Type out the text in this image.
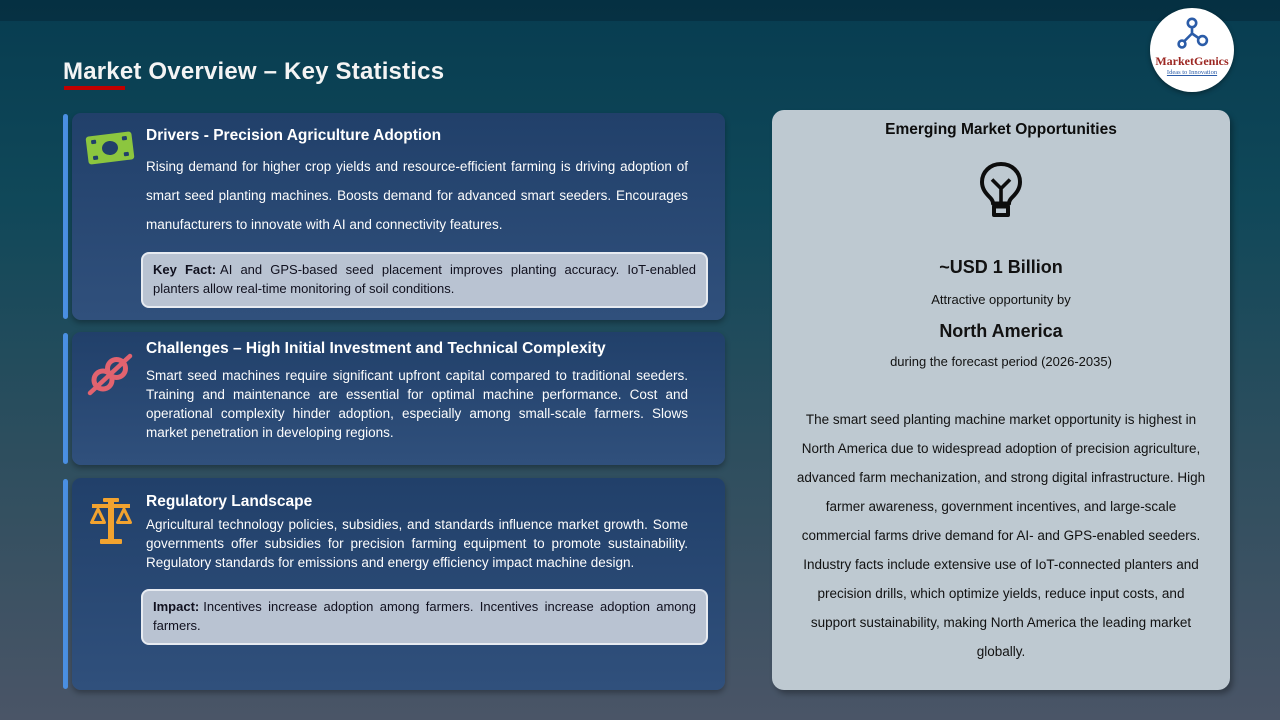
Market Overview – Key Statistics	MarketGenics
Ideas to Innovation
Drivers - Precision Agriculture Adoption
Rising demand for higher crop yields and resource-efficient farming is driving adoption of smart seed planting machines. Boosts demand for advanced smart seeders. Encourages manufacturers to innovate with AI and connectivity features.
Key Fact: AI and GPS-based seed placement improves planting accuracy. IoT-enabled planters allow real-time monitoring of soil conditions.
Challenges – High Initial Investment and Technical Complexity
Smart seed machines require significant upfront capital compared to traditional seeders. Training and maintenance are essential for optimal machine performance. Cost and operational complexity hinder adoption, especially among small-scale farmers. Slows market penetration in developing regions.
Regulatory Landscape
Agricultural technology policies, subsidies, and standards influence market growth. Some governments offer subsidies for precision farming equipment to promote sustainability. Regulatory standards for emissions and energy efficiency impact machine design.
Impact: Incentives increase adoption among farmers. Incentives increase adoption among farmers.
Emerging Market Opportunities
~USD 1 Billion
Attractive opportunity by
North America
during the forecast period (2026-2035)
The smart seed planting machine market opportunity is highest in North America due to widespread adoption of precision agriculture, advanced farm mechanization, and strong digital infrastructure. High farmer awareness, government incentives, and large-scale commercial farms drive demand for AI- and GPS-enabled seeders. Industry facts include extensive use of IoT-connected planters and precision drills, which optimize yields, reduce input costs, and support sustainability, making North America the leading market globally.
